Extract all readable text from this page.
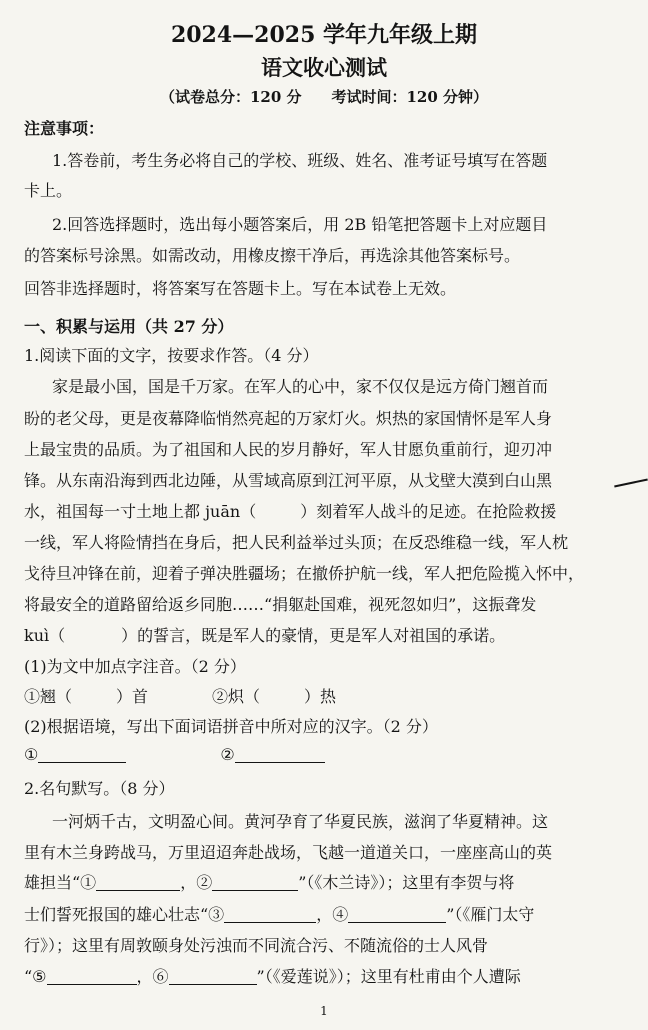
2024—2025 学年九年级上期
语文收心测试
（试卷总分：120 分　　考试时间：120 分钟）
注意事项：
1.答卷前，考生务必将自己的学校、班级、姓名、准考证号填写在答题
卡上。
2.回答选择题时，选出每小题答案后，用 2B 铅笔把答题卡上对应题目
的答案标号涂黑。如需改动，用橡皮擦干净后，再选涂其他答案标号。
回答非选择题时，将答案写在答题卡上。写在本试卷上无效。
一、积累与运用（共 27 分）
1.阅读下面的文字，按要求作答。（4 分）
家是最小国，国是千万家。在军人的心中，家不仅仅是远方倚门翘首而
盼的老父母，更是夜幕降临悄然亮起的万家灯火。炽热的家国情怀是军人身
上最宝贵的品质。为了祖国和人民的岁月静好，军人甘愿负重前行，迎刃冲
锋。从东南沿海到西北边陲，从雪域高原到江河平原，从戈壁大漠到白山黑
水，祖国每一寸土地上都 juān（	）刻着军人战斗的足迹。在抢险救援
一线，军人将险情挡在身后，把人民利益举过头顶；在反恐维稳一线，军人枕
戈待旦冲锋在前，迎着子弹决胜疆场；在撤侨护航一线，军人把危险揽入怀中，
将最安全的道路留给返乡同胞……“捐躯赴国难，视死忽如归”，这振聋发
kuì（	）的誓言，既是军人的豪情，更是军人对祖国的承诺。
(1)为文中加点字注音。（2 分）
①翘（	）首	②炽（	）热
(2)根据语境，写出下面词语拼音中所对应的汉字。（2 分）
①	②
2.名句默写。（8 分）
一河炳千古，文明盈心间。黄河孕育了华夏民族，滋润了华夏精神。这
里有木兰身跨战马，万里迢迢奔赴战场，飞越一道道关口，一座座高山的英
雄担当“①	，②	”（《木兰诗》）；这里有李贺与将
士们誓死报国的雄心壮志“③	，④	”（《雁门太守
行》）；这里有周敦颐身处污浊而不同流合污、不随流俗的士人风骨
“⑤	，⑥	”（《爱莲说》）；这里有杜甫由个人遭际
1
